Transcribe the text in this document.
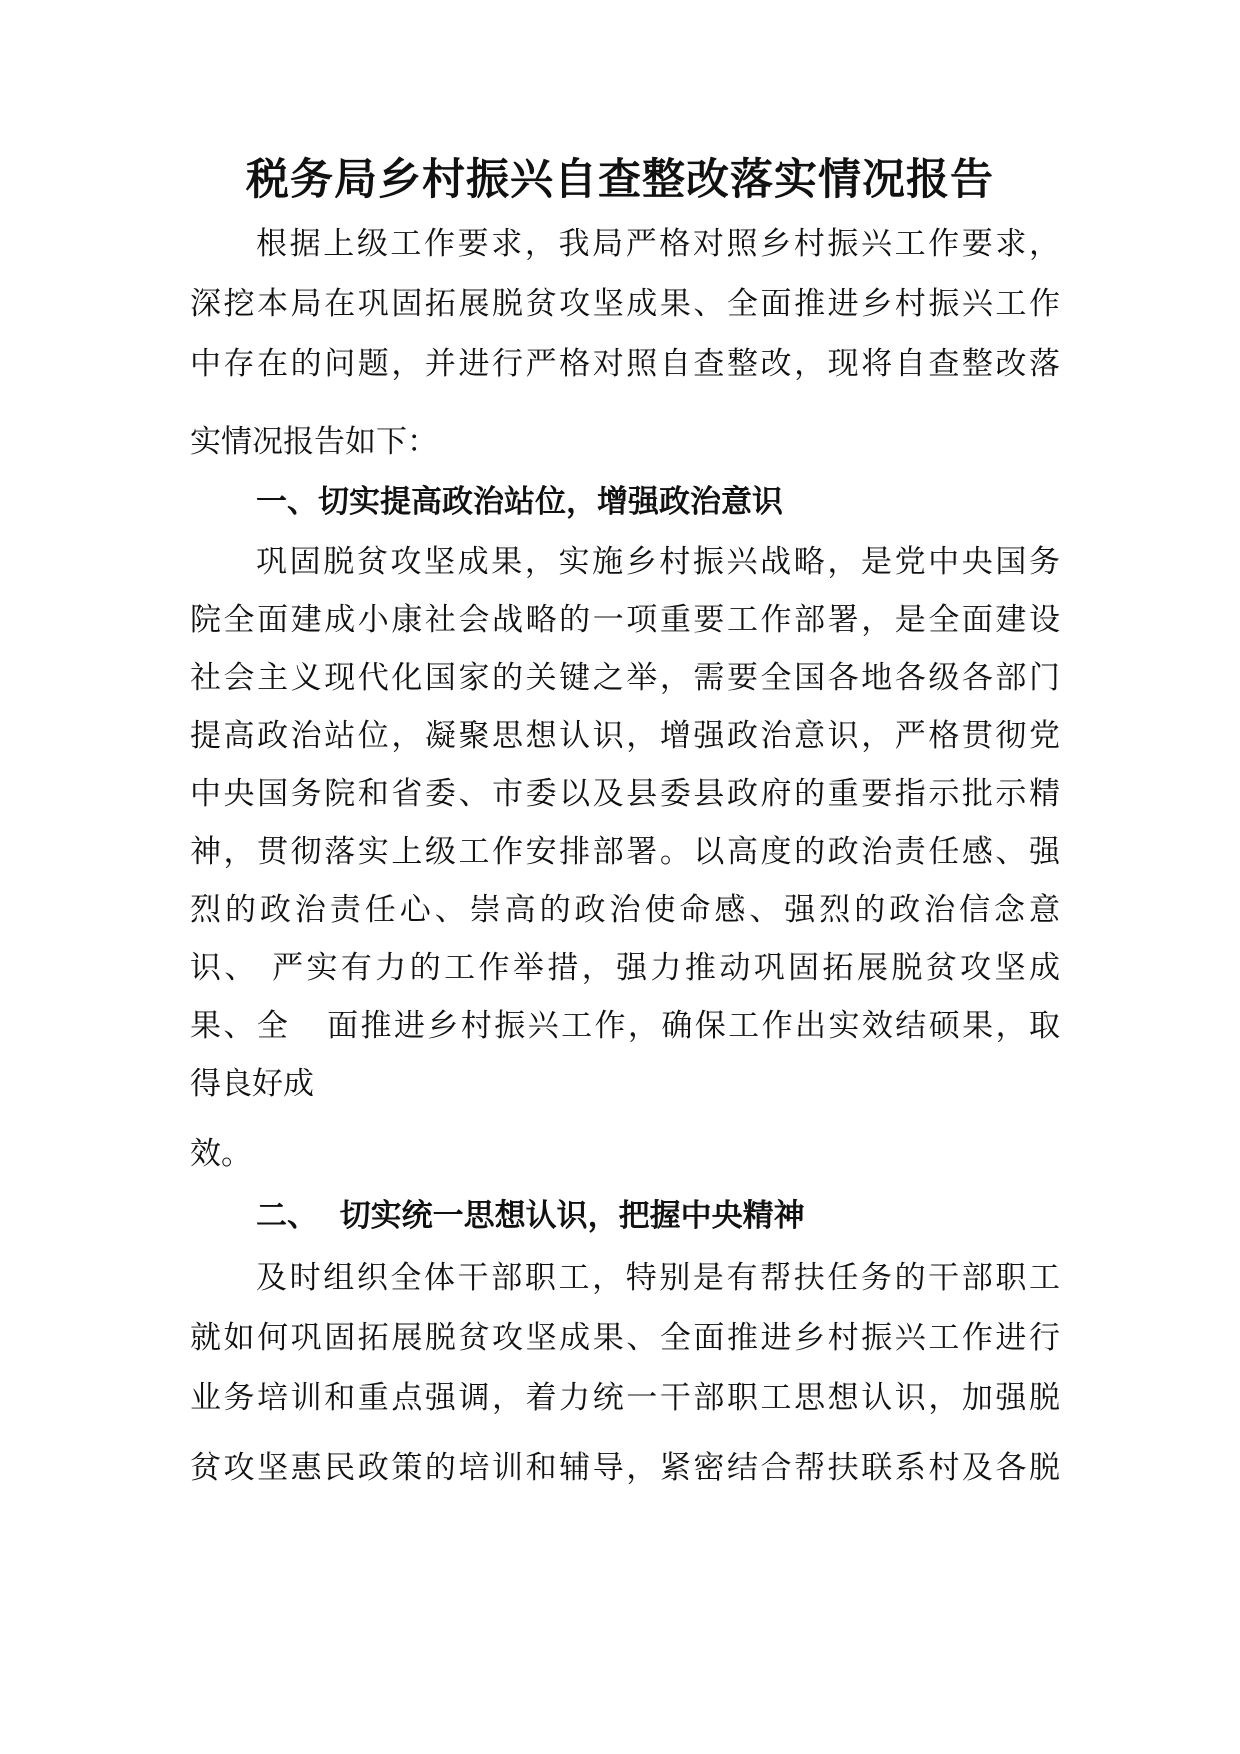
税务局乡村振兴自查整改落实情况报告

根据上级工作要求，我局严格对照乡村振兴工作要求，

深挖本局在巩固拓展脱贫攻坚成果、全面推进乡村振兴工作

中存在的问题，并进行严格对照自查整改，现将自查整改落

实情况报告如下：

一、切实提高政治站位，增强政治意识

巩固脱贫攻坚成果，实施乡村振兴战略，是党中央国务

院全面建成小康社会战略的一项重要工作部署，是全面建设

社会主义现代化国家的关键之举，需要全国各地各级各部门

提高政治站位，凝聚思想认识，增强政治意识，严格贯彻党

中央国务院和省委、市委以及县委县政府的重要指示批示精

神，贯彻落实上级工作安排部署。以高度的政治责任感、强

烈的政治责任心、崇高的政治使命感、强烈的政治信念意

识、 严实有力的工作举措，强力推动巩固拓展脱贫攻坚成

果、全   面推进乡村振兴工作，确保工作出实效结硕果，取

得良好成

效。

二、  切实统一思想认识，把握中央精神

及时组织全体干部职工，特别是有帮扶任务的干部职工

就如何巩固拓展脱贫攻坚成果、全面推进乡村振兴工作进行

业务培训和重点强调，着力统一干部职工思想认识，加强脱

贫攻坚惠民政策的培训和辅导，紧密结合帮扶联系村及各脱
